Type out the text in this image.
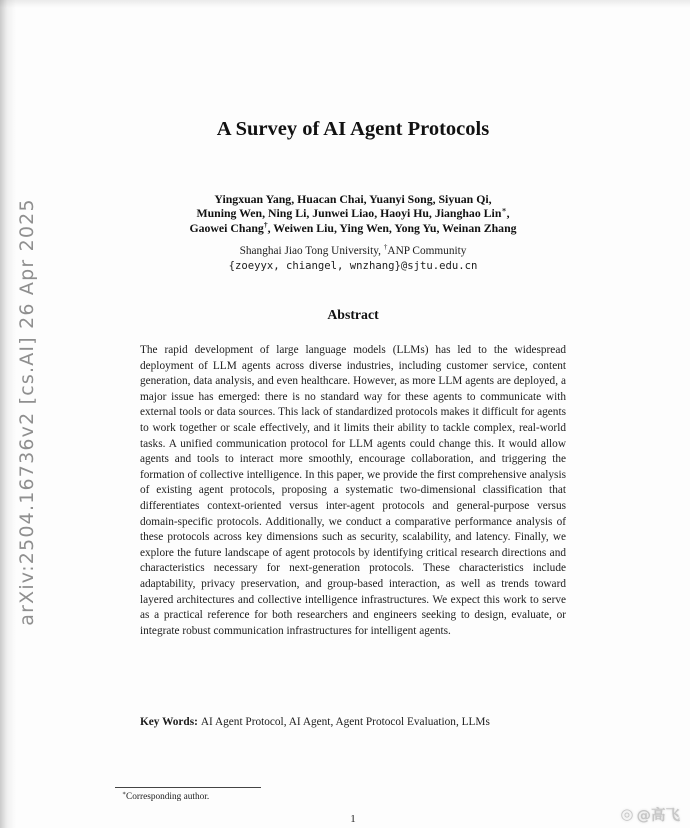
arXiv:2504.16736v2 [cs.AI] 26 Apr 2025
A Survey of AI Agent Protocols
Yingxuan Yang, Huacan Chai, Yuanyi Song, Siyuan Qi,
Muning Wen, Ning Li, Junwei Liao, Haoyi Hu, Jianghao Lin∗,
Gaowei Chang†, Weiwen Liu, Ying Wen, Yong Yu, Weinan Zhang
Shanghai Jiao Tong University, †ANP Community
{zoeyyx, chiangel, wnzhang}@sjtu.edu.cn
Abstract

The rapid development of large language models (LLMs) has led to the widespread deployment of LLM agents across diverse industries, including customer service, content generation, data analysis, and even healthcare. However, as more LLM agents are deployed, a major issue has emerged: there is no standard way for these agents to communicate with external tools or data sources. This lack of standardized protocols makes it difficult for agents to work together or scale effectively, and it limits their ability to tackle complex, real-world tasks. A unified communication protocol for LLM agents could change this. It would allow agents and tools to interact more smoothly, encourage collaboration, and triggering the formation of collective intelligence. In this paper, we provide the first comprehensive analysis of existing agent protocols, proposing a systematic two-dimensional classification that differentiates context-oriented versus inter-agent protocols and general-purpose versus domain-specific protocols. Additionally, we conduct a comparative performance analysis of these protocols across key dimensions such as security, scalability, and latency. Finally, we explore the future landscape of agent protocols by identifying critical research directions and characteristics necessary for next-generation protocols. These characteristics include adaptability, privacy preservation, and group-based interaction, as well as trends toward layered architectures and collective intelligence infrastructures. We expect this work to serve as a practical reference for both researchers and engineers seeking to design, evaluate, or integrate robust communication infrastructures for intelligent agents.

Key Words: AI Agent Protocol, AI Agent, Agent Protocol Evaluation, LLMs

∗Corresponding author.
1	◎ @高飞
